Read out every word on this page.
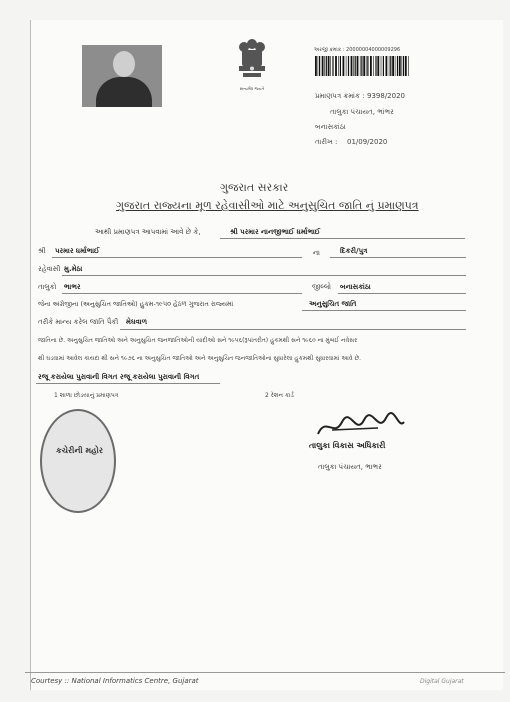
સત્યમેવ જયતે
અરજી ક્રમાંક : 20000004000009296
પ્રમાણપત્ર ક્રમાંક : 9398/2020
તાલુકા પંચાયત, ભાંભર
બનાસકાંઠા
તારીખ : 01/09/2020
ગુજરાત સરકાર
ગુજરાત રાજ્યના મૂળ રહેવાસીઓ માટે અનુસુચિત જાતિ નું પ્રમાણપત્ર
આથી પ્રમાણપત્ર આપવામાં આવે છે કે,	શ્રી પરમાર નાનજીભાઈ ધર્માભાઈ
શ્રી પરમાર ધર્માભાઈ	ના	દિકરી/પુત્ર
રહેવાસી મુ.મેઠા
તાલુકો ભાભર	જીલ્લો બનાસકાંઠા
જેના અંગ્રેજીના (અનુસુચિત જાતિઓ) હુકમ-૧૯૫૦ હેઠળ ગુજરાત રાજ્યમાં	અનુસુચિત જાતિ
તરીકે માન્ય કરેલ જાતિ પૈકી મેઘવાળ
જાતિના છે. અનુસુચિત જાતિઓ અને અનુસુચિત જનજાતિઓની યાદીઓ સને ૧૯૫૬(રૂપાંતરીત) હુકમથી સને ૧૯૬૦ ના મુંબઈ નવેસર
થી ઘડવામાં આવેલ કાયદા થી સને ૧૯૭૬ ના અનુસુચિત જાતિઓ અને અનુસુચિત જનજાતિઓના સુધારેલા હુકમથી સુધારવામાં આવે છે.
રજૂ કરાયેલા પુરાવાની વિગત રજૂ કરાયેલા પુરાવાની વિગત
1 શાળા છોડયાનું પ્રમાણપત્ર	2 રેશન કાર્ડ
કચેરીની મહોર
તાલુકા વિકાસ અધિકારી
તાલુકા પંચાયત, ભાભર
Courtesy :: National Informatics Centre, Gujarat	Digital Gujarat
